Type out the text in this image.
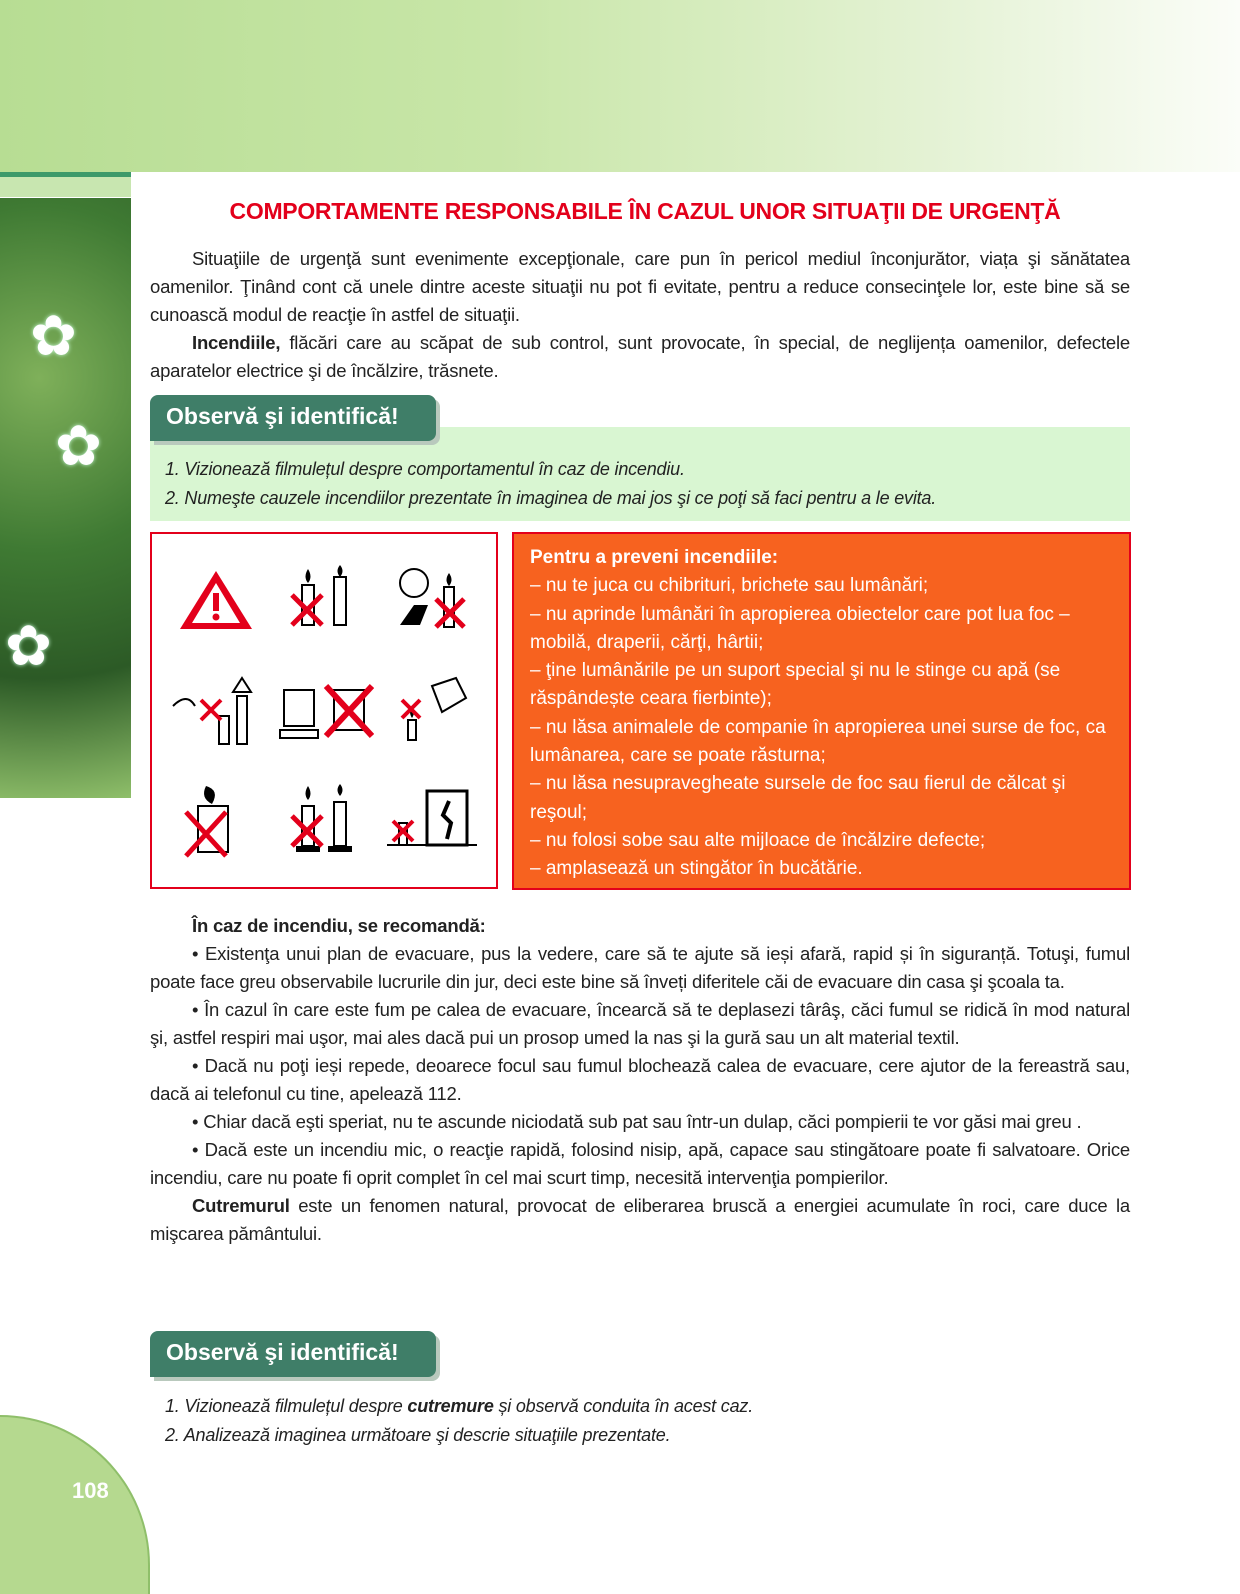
✿
✿
✿
COMPORTAMENTE RESPONSABILE ÎN CAZUL UNOR SITUAŢII DE URGENŢĂ

Situaţiile de urgenţă sunt evenimente excepţionale, care pun în pericol mediul înconjurător, viața şi sănătatea oamenilor. Ţinând cont că unele dintre aceste situaţii nu pot fi evitate, pentru a reduce consecinţele lor, este bine să se cunoască modul de reacţie în astfel de situaţii.

Incendiile, flăcări care au scăpat de sub control, sunt provocate, în special, de neglijența oamenilor, defectele aparatelor electrice şi de încălzire, trăsnete.

Observă şi identifică!
1. Vizionează filmulețul despre comportamentul în caz de incendiu.
2. Numeşte cauzele incendiilor prezentate în imaginea de mai jos şi ce poţi să faci pentru a le evita.
Pentru a preveni incendiile:
– nu te juca cu chibrituri, brichete sau lumânări;
– nu aprinde lumânări în apropierea obiectelor care pot lua foc – mobilă, draperii, cărţi, hârtii;
– ţine lumânările pe un suport special şi nu le stinge cu apă (se răspândește ceara fierbinte);
– nu lăsa animalele de companie în apropierea unei surse de foc, ca lumânarea, care se poate răsturna;
– nu lăsa nesupravegheate sursele de foc sau fierul de călcat şi reşoul;
– nu folosi sobe sau alte mijloace de încălzire defecte;
– amplasează un stingător în bucătărie.

În caz de incendiu, se recomandă:

• Existenţa unui plan de evacuare, pus la vedere, care să te ajute să ieși afară, rapid și în siguranță. Totuşi, fumul poate face greu observabile lucrurile din jur, deci este bine să înveți diferitele căi de evacuare din casa şi şcoala ta.

• În cazul în care este fum pe calea de evacuare, încearcă să te deplasezi târâş, căci fumul se ridică în mod natural şi, astfel respiri mai uşor, mai ales dacă pui un prosop umed la nas şi la gură sau un alt material textil.

• Dacă nu poţi ieși repede, deoarece focul sau fumul blochează calea de evacuare, cere ajutor de la fereastră sau, dacă ai telefonul cu tine, apelează 112.

• Chiar dacă eşti speriat, nu te ascunde niciodată sub pat sau într-un dulap, căci pompierii te vor găsi mai greu .

• Dacă este un incendiu mic, o reacţie rapidă, folosind nisip, apă, capace sau stingătoare poate fi salvatoare. Orice incendiu, care nu poate fi oprit complet în cel mai scurt timp, necesită intervenţia pompierilor.

Cutremurul este un fenomen natural, provocat de eliberarea bruscă a energiei acumulate în roci, care duce la mişcarea pământului.

Observă şi identifică!
1. Vizionează filmulețul despre cutremure și observă conduita în acest caz.
2. Analizează imaginea următoare şi descrie situaţiile prezentate.
108
